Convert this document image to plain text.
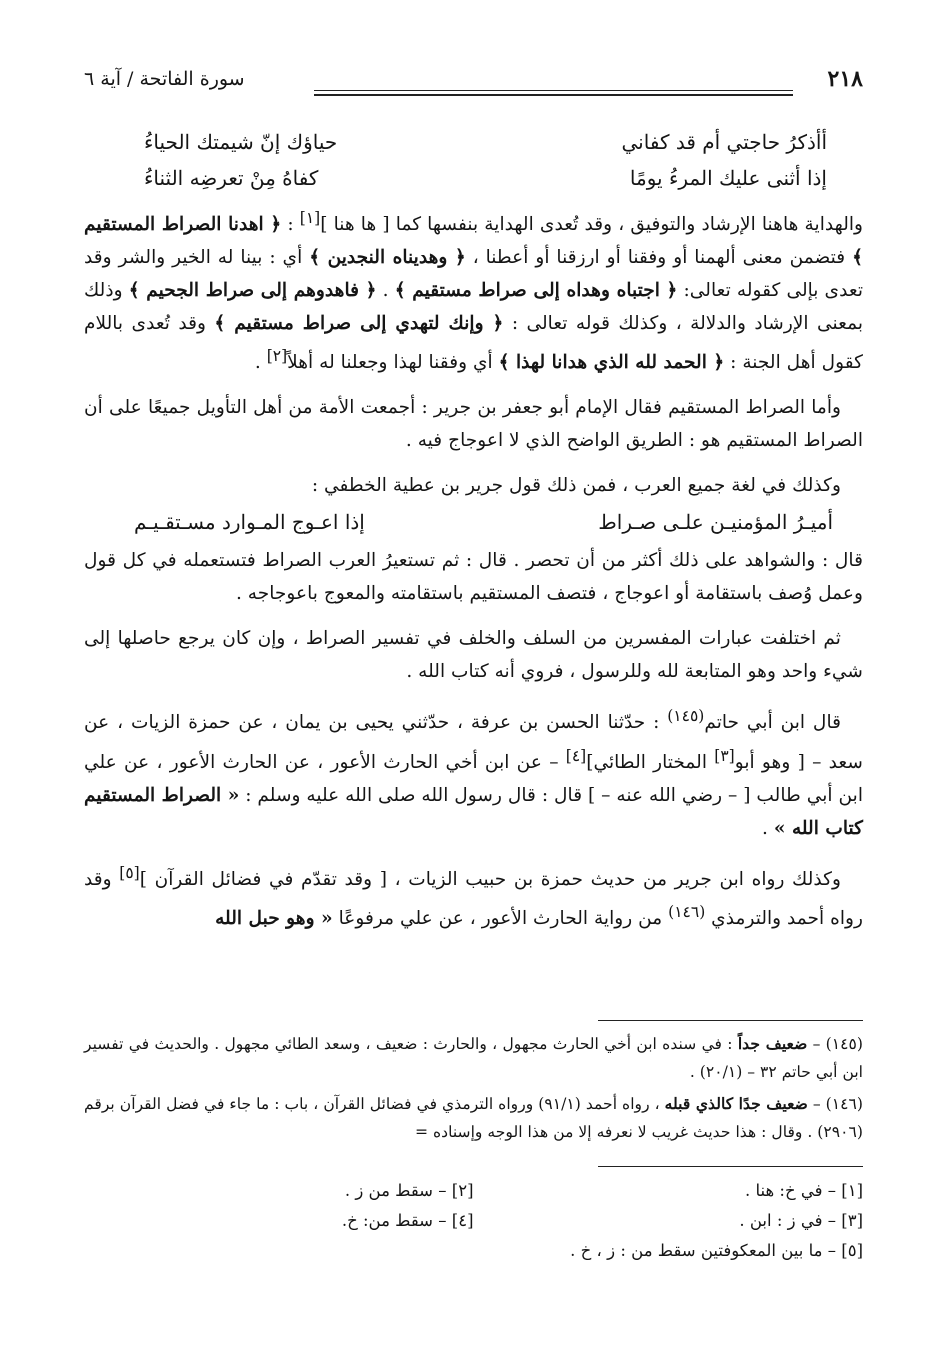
٢١٨
سورة الفاتحة / آية ٦
أأذكرُ حاجتي أم قد كفاني
حياؤك إنّ شيمتك الحياءُ
إذا أثنى عليك المرءُ يومًا
كفاهُ مِنْ تعرضِه الثناءُ

والهداية هاهنا الإرشاد والتوفيق ، وقد تُعدى الهداية بنفسها كما [ ها هنا ][١] : ﴿ اهدنا الصراط المستقيم ﴾ فتضمن معنى ألهمنا أو وفقنا أو ارزقنا أو أعطنا ، ﴿ وهديناه النجدين ﴾ أي : بينا له الخير والشر وقد تعدى بإلى كقوله تعالى: ﴿ اجتباه وهداه إلى صراط مستقيم ﴾ . ﴿ فاهدوهم إلى صراط الجحيم ﴾ وذلك بمعنى الإرشاد والدلالة ، وكذلك قوله تعالى : ﴿ وإنك لتهدي إلى صراط مستقيم ﴾ وقد تُعدى باللام كقول أهل الجنة : ﴿ الحمد لله الذي هدانا لهذا ﴾ أي وفقنا لهذا وجعلنا له أهلاً[٢] .

وأما الصراط المستقيم فقال الإمام أبو جعفر بن جرير : أجمعت الأمة من أهل التأويل جميعًا على أن الصراط المستقيم هو : الطريق الواضح الذي لا اعوجاج فيه .

وكذلك في لغة جميع العرب ، فمن ذلك قول جرير بن عطية الخطفي :

أميـرُ المؤمنيـن علـى صـراط
إذا اعـوج المـوارد مسـتقـيـم

قال : والشواهد على ذلك أكثر من أن تحصر . قال : ثم تستعيرُ العرب الصراط فتستعمله في كل قول وعمل وُصف باستقامة أو اعوجاج ، فتصف المستقيم باستقامته والمعوج باعوجاجه .

ثم اختلفت عبارات المفسرين من السلف والخلف في تفسير الصراط ، وإن كان يرجع حاصلها إلى شيء واحد وهو المتابعة لله وللرسول ، فروي أنه كتاب الله .

قال ابن أبي حاتم$^{(١٤٥)}$ : حدّثنا الحسن بن عرفة ، حدّثني يحيى بن يمان ، عن حمزة الزيات ، عن سعد – [ وهو أبو[٣] المختار الطائي][٤] – عن ابن أخي الحارث الأعور ، عن الحارث الأعور ، عن علي ابن أبي طالب [ – رضي الله عنه – ] قال : قال رسول الله صلى الله عليه وسلم : « الصراط المستقيم كتاب الله » .

وكذلك رواه ابن جرير من حديث حمزة بن حبيب الزيات ، [ وقد تقدّم في فضائل القرآن ][٥] وقد رواه أحمد والترمذي $^{(١٤٦)}$ من رواية الحارث الأعور ، عن علي مرفوعًا « وهو حبل الله

(١٤٥) – ضعيف جداً : في سنده ابن أخي الحارث مجهول ، والحارث : ضعيف ، وسعد الطائي مجهول . والحديث في تفسير ابن أبي حاتم ٣٢ – (٢٠/١) .

(١٤٦) – ضعيف جدًا كالذي قبله ، رواه أحمد (٩١/١) ورواه الترمذي في فضائل القرآن ، باب : ما جاء في فضل القرآن برقم (٢٩٠٦) . وقال : هذا حديث غريب لا نعرفه إلا من هذا الوجه وإسناده =

[١] – في خ: هنا .
[٢] – سقط من ز .
[٣] – في ز : ابن .
[٤] – سقط من: خ.
[٥] – ما بين المعكوفتين سقط من : ز ، خ .
